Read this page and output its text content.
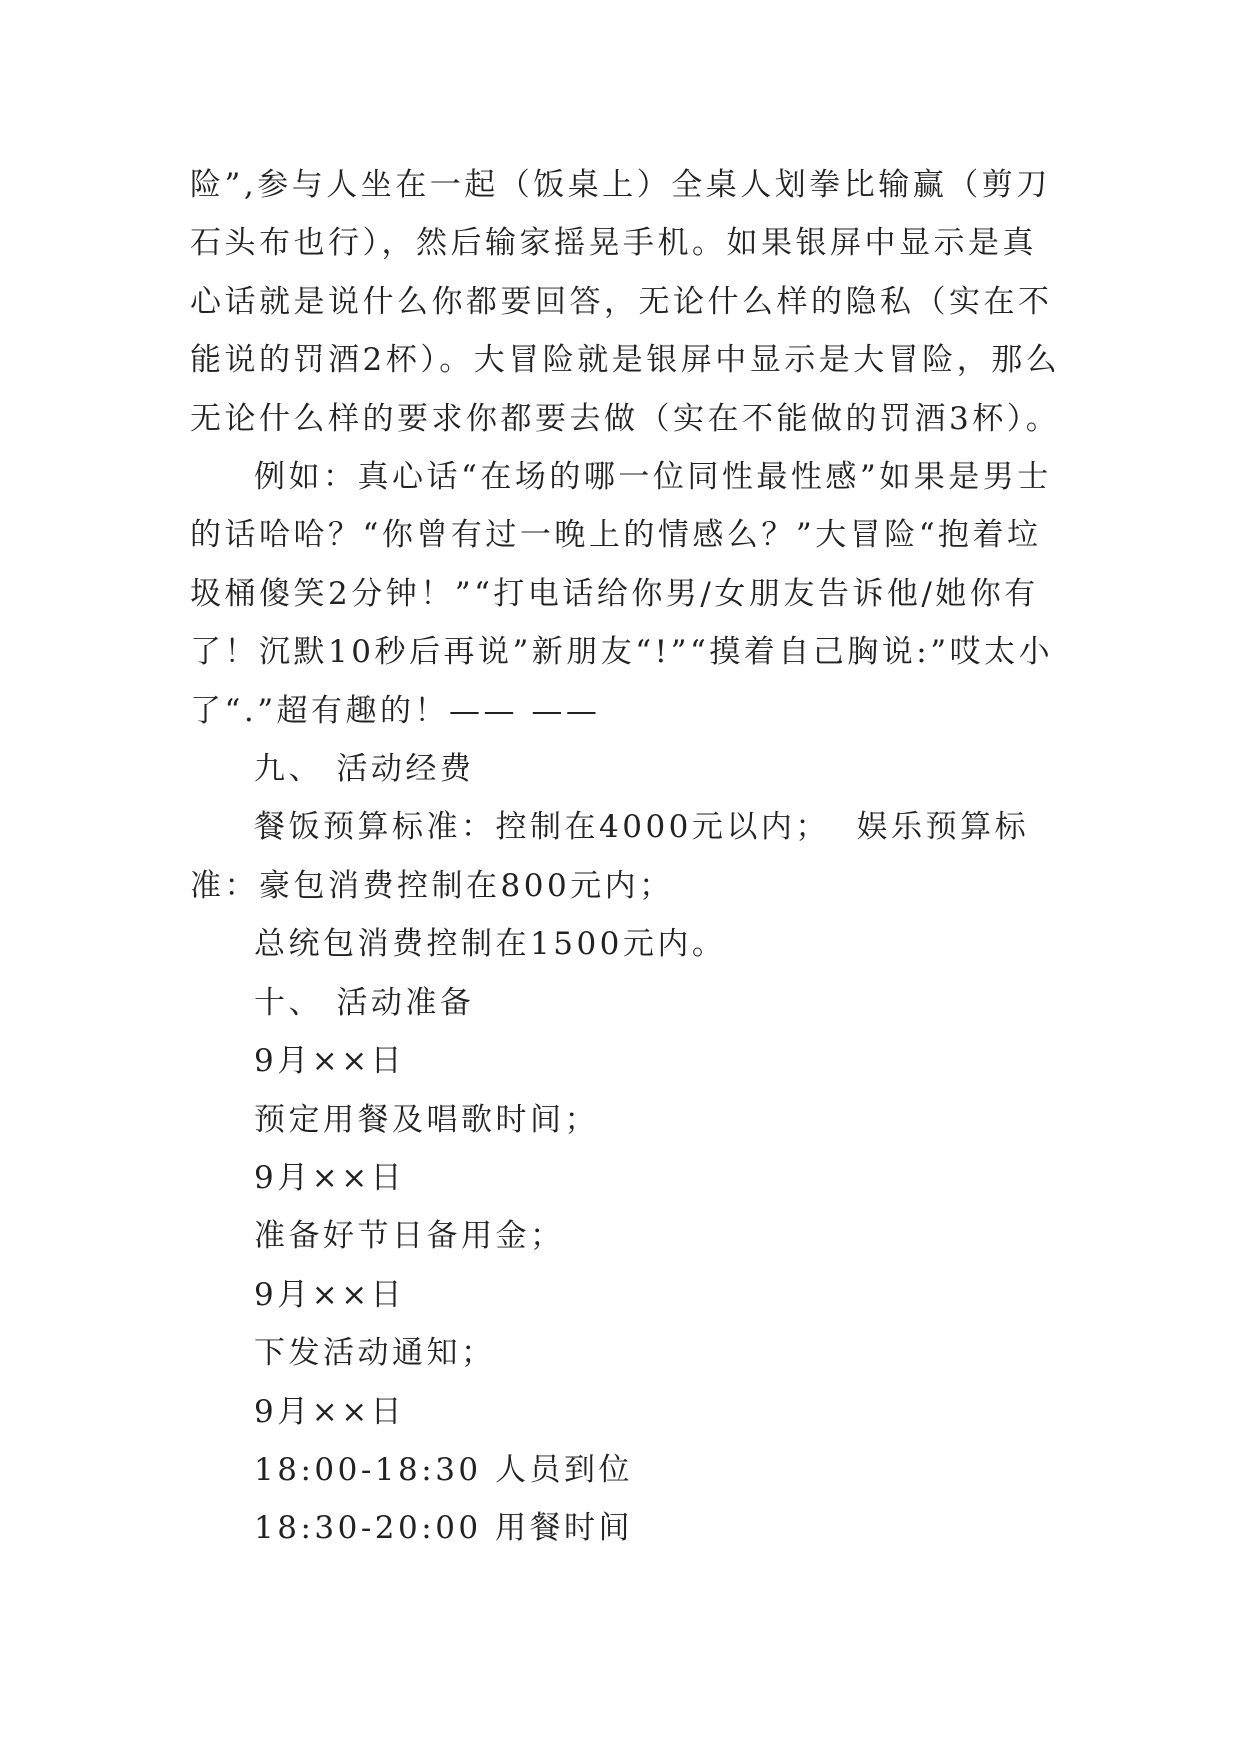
险”,参与人坐在一起（饭桌上）全桌人划拳比输赢（剪刀石头布也行），然后输家摇晃手机。如果银屏中显示是真心话就是说什么你都要回答，无论什么样的隐私（实在不能说的罚酒2杯）。大冒险就是银屏中显示是大冒险，那么无论什么样的要求你都要去做（实在不能做的罚酒3杯）。

例如：真心话“在场的哪一位同性最性感”如果是男士的话哈哈？“你曾有过一晚上的情感么？”大冒险“抱着垃圾桶傻笑2分钟！”“打电话给你男/女朋友告诉他/她你有了！沉默10秒后再说”新朋友“!”“摸着自己胸说:”哎太小了“.”超有趣的！—— ——

九、 活动经费

餐饭预算标准：控制在4000元以内；  娱乐预算标准：豪包消费控制在800元内；

总统包消费控制在1500元内。

十、 活动准备

9月××日

预定用餐及唱歌时间；

9月××日

准备好节日备用金；

9月××日

下发活动通知；

9月××日

18:00-18:30 人员到位

18:30-20:00 用餐时间
